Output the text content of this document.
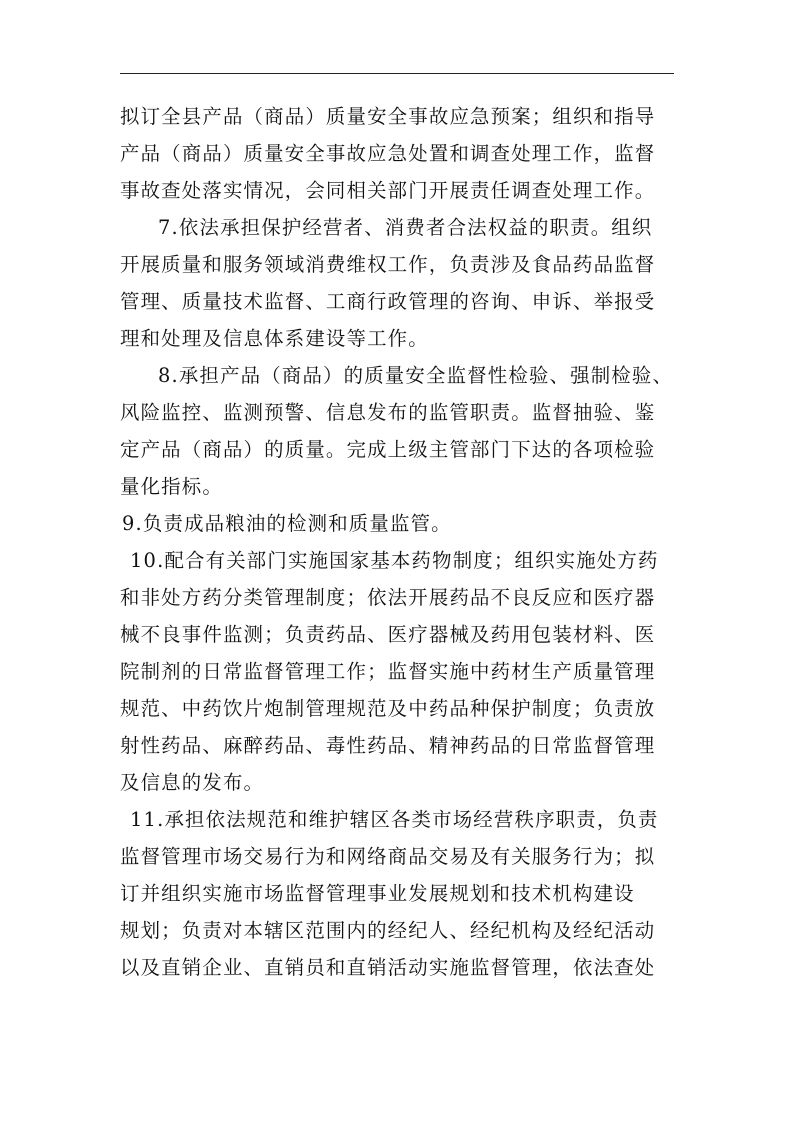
拟订全县产品（商品）质量安全事故应急预案；组织和指导
产品（商品）质量安全事故应急处置和调查处理工作，监督
事故查处落实情况，会同相关部门开展责任调查处理工作。
7.依法承担保护经营者、消费者合法权益的职责。组织
开展质量和服务领域消费维权工作，负责涉及食品药品监督
管理、质量技术监督、工商行政管理的咨询、申诉、举报受
理和处理及信息体系建设等工作。
8.承担产品（商品）的质量安全监督性检验、强制检验、
风险监控、监测预警、信息发布的监管职责。监督抽验、鉴
定产品（商品）的质量。完成上级主管部门下达的各项检验
量化指标。
9.负责成品粮油的检测和质量监管。
10.配合有关部门实施国家基本药物制度；组织实施处方药
和非处方药分类管理制度；依法开展药品不良反应和医疗器
械不良事件监测；负责药品、医疗器械及药用包装材料、医
院制剂的日常监督管理工作；监督实施中药材生产质量管理
规范、中药饮片炮制管理规范及中药品种保护制度；负责放
射性药品、麻醉药品、毒性药品、精神药品的日常监督管理
及信息的发布。
11.承担依法规范和维护辖区各类市场经营秩序职责，负责
监督管理市场交易行为和网络商品交易及有关服务行为；拟
订并组织实施市场监督管理事业发展规划和技术机构建设
规划；负责对本辖区范围内的经纪人、经纪机构及经纪活动
以及直销企业、直销员和直销活动实施监督管理，依法查处
